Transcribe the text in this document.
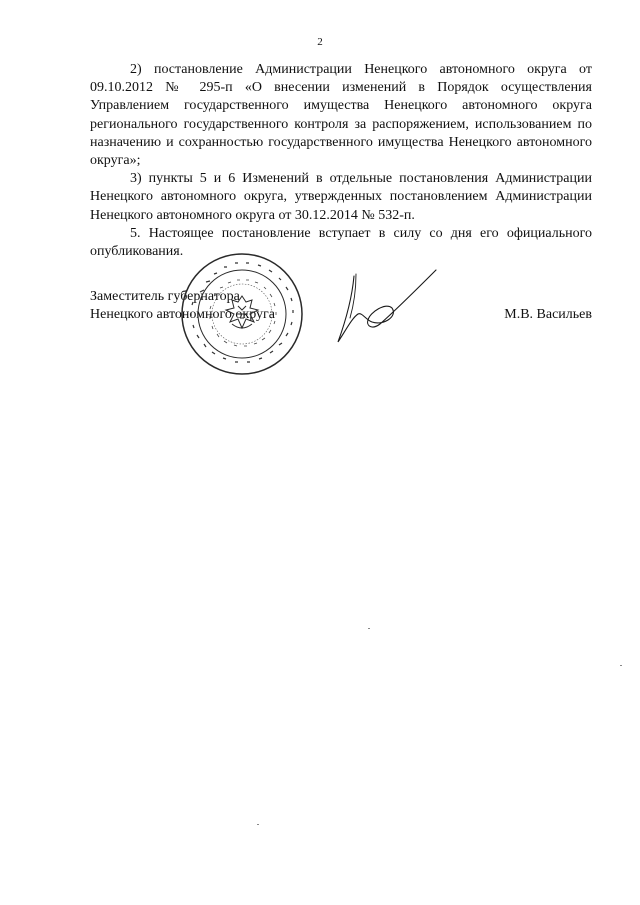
2

2) постановление Администрации Ненецкого автономного округа от 09.10.2012 № 295-п «О внесении изменений в Порядок осуществления Управлением государственного имущества Ненецкого автономного округа регионального государственного контроля за распоряжением, использованием по назначению и сохранностью государственного имущества Ненецкого автономного округа»;

3) пункты 5 и 6 Изменений в отдельные постановления Администрации Ненецкого автономного округа, утвержденных постановлением Администрации Ненецкого автономного округа от 30.12.2014 № 532-п.

5. Настоящее постановление вступает в силу со дня его официального опубликования.

Заместитель губернатора
Ненецкого автономного округа	М.В. Васильев
